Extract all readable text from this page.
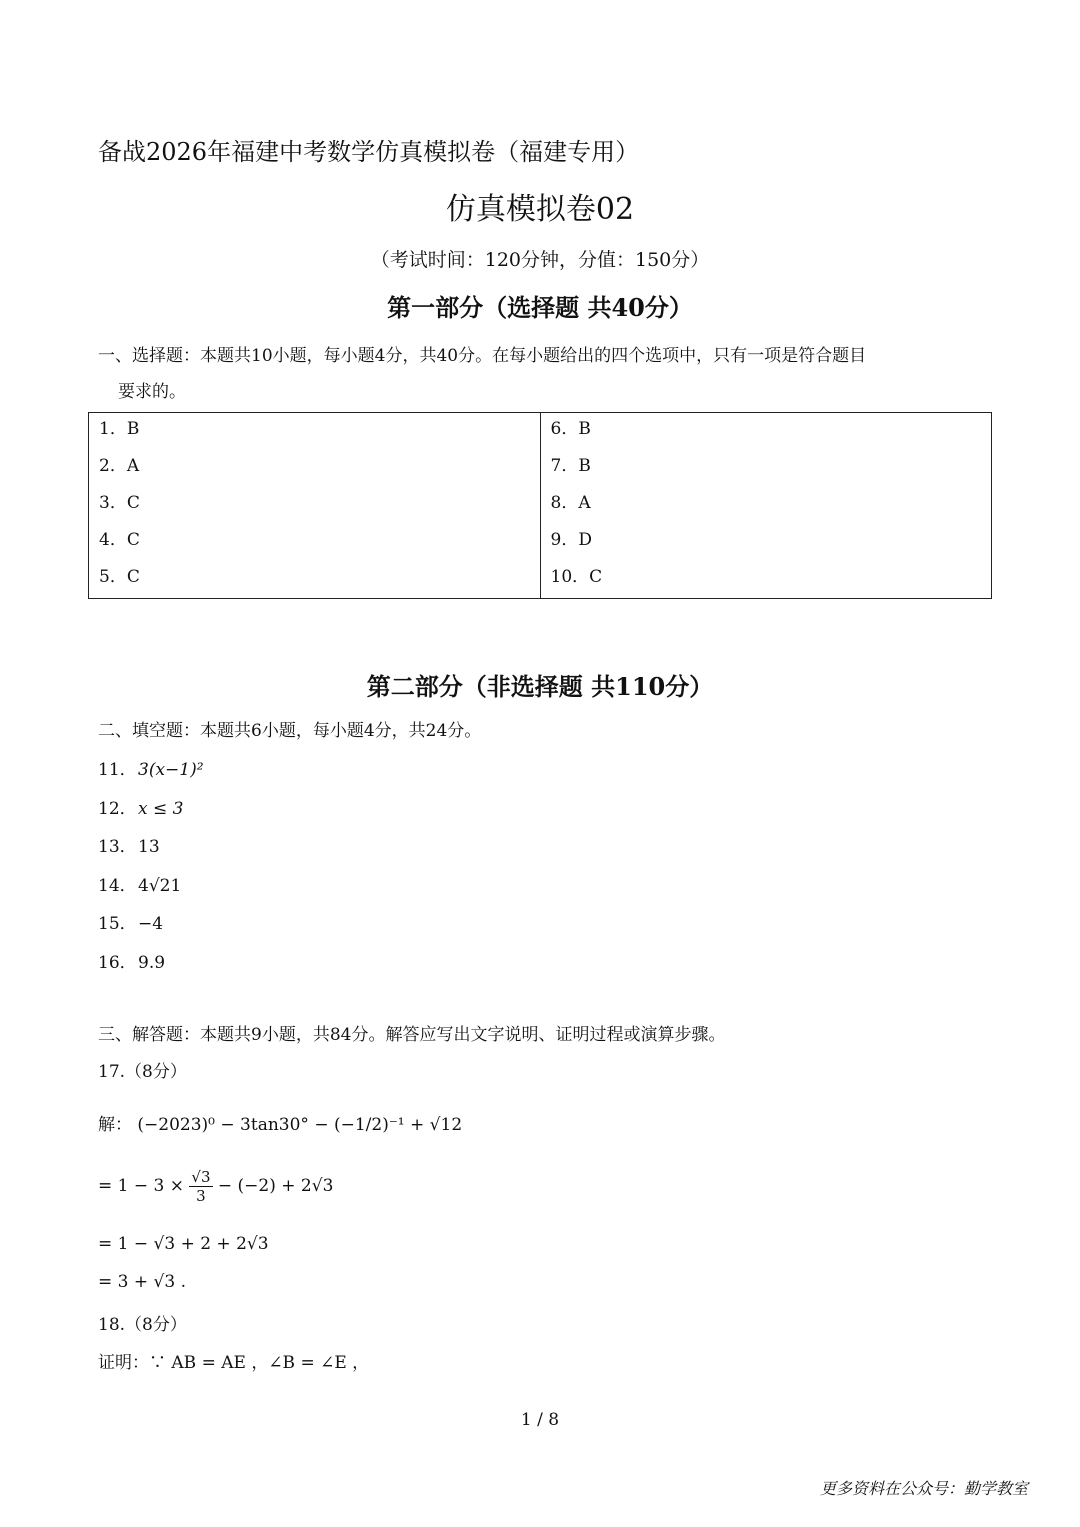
备战2026年福建中考数学仿真模拟卷（福建专用）
仿真模拟卷02
（考试时间：120分钟，分值：150分）
第一部分（选择题 共40分）
一、选择题：本题共10小题，每小题4分，共40分。在每小题给出的四个选项中，只有一项是符合题目
要求的。
1．B
2．A
3．C
4．C
5．C
6．B
7．B
8．A
9．D
10．C
第二部分（非选择题 共110分）
二、填空题：本题共6小题，每小题4分，共24分。
11．3(x−1)²
12．x ≤ 3
13．13
14．4√21
15．−4
16．9.9
三、解答题：本题共9小题，共84分。解答应写出文字说明、证明过程或演算步骤。
17.（8分）
解： (−2023)⁰ − 3tan30° − (−1/2)⁻¹ + √12
= $1 - 3 \times \frac{√3}{3} - (-2) + 2√3$
= 1 − √3 + 2 + 2√3
= 3 + √3 .
18.（8分）
证明：∵ AB = AE ，∠B = ∠E ，
1 / 8
更多资料在公众号：勤学教室
